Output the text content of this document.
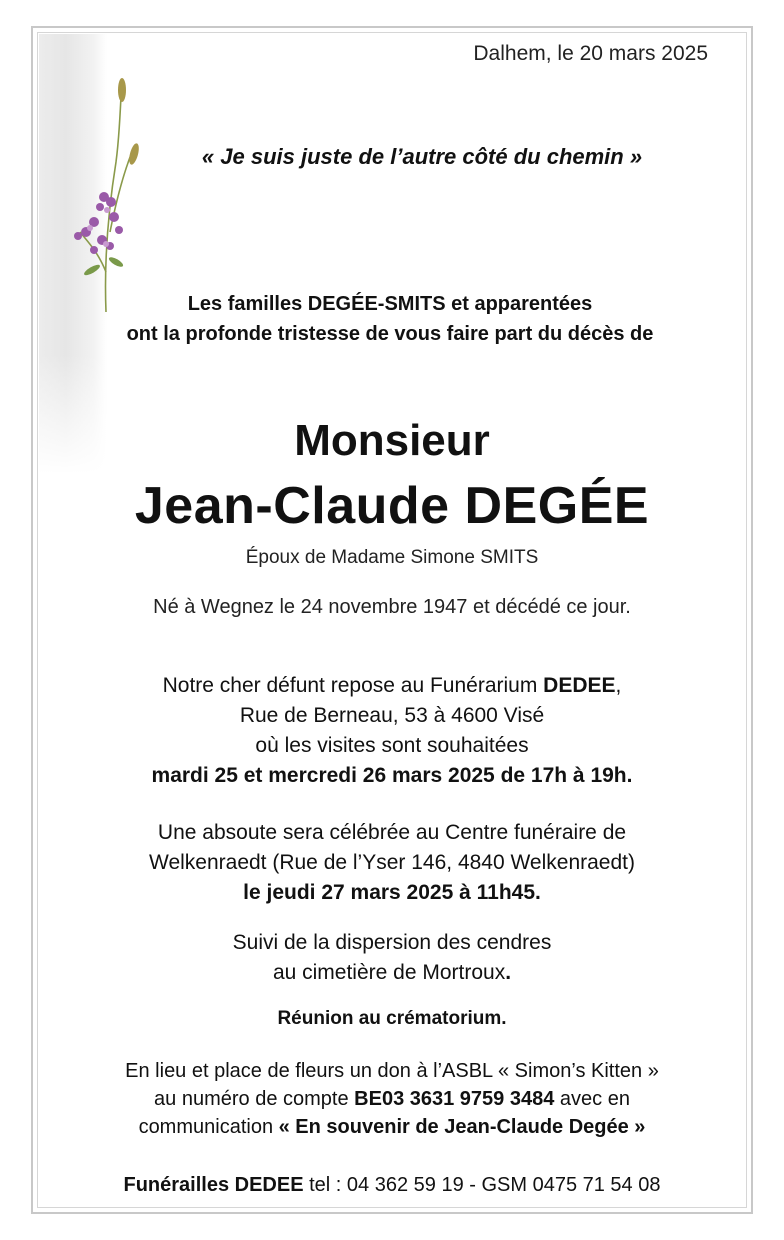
Dalhem, le 20 mars 2025
« Je suis juste de l’autre côté du chemin »
Les familles DEGÉE-SMITS et apparentées
ont la profonde tristesse de vous faire part du décès de
Monsieur
Jean-Claude DEGÉE
Époux de Madame Simone SMITS
Né à Wegnez le 24 novembre 1947 et décédé ce jour.
Notre cher défunt repose au Funérarium DEDEE,
Rue de Berneau, 53 à 4600 Visé
où les visites sont souhaitées
mardi 25 et mercredi 26 mars 2025 de 17h à 19h.
Une absoute sera célébrée au Centre funéraire de
Welkenraedt (Rue de l’Yser 146, 4840 Welkenraedt)
le jeudi 27 mars 2025 à 11h45.
Suivi de la dispersion des cendres
au cimetière de Mortroux.
Réunion au crématorium.
En lieu et place de fleurs un don à l’ASBL « Simon’s Kitten »
au numéro de compte BE03 3631 9759 3484 avec en
communication « En souvenir de Jean-Claude Degée »
Funérailles DEDEE tel : 04 362 59 19 - GSM 0475 71 54 08
